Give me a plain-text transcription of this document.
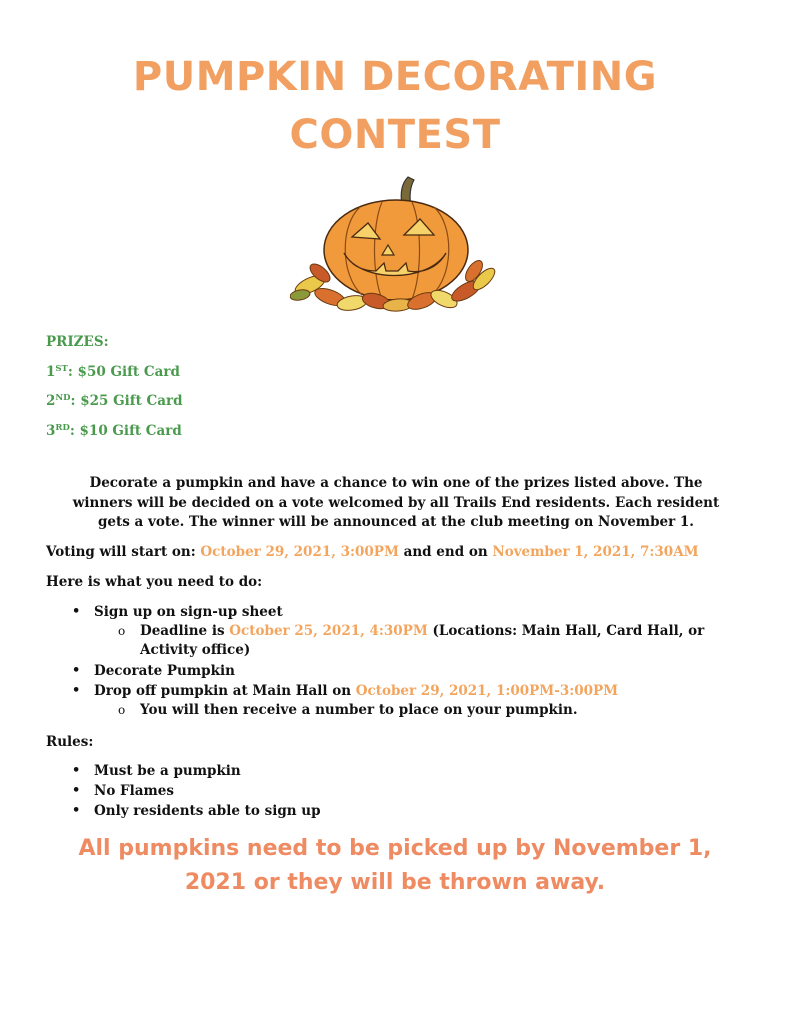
PUMPKIN DECORATING
CONTEST
PRIZES:
1ST: $50 Gift Card
2ND: $25 Gift Card
3RD: $10 Gift Card
Decorate a pumpkin and have a chance to win one of the prizes listed above. The
winners will be decided on a vote welcomed by all Trails End residents. Each resident
gets a vote. The winner will be announced at the club meeting on November 1.
Voting will start on: October 29, 2021, 3:00PM and end on November 1, 2021, 7:30AM
Here is what you need to do:
• Sign up on sign-up sheet
o Deadline is October 25, 2021, 4:30PM (Locations: Main Hall, Card Hall, or
Activity office)
• Decorate Pumpkin
• Drop off pumpkin at Main Hall on October 29, 2021, 1:00PM-3:00PM
o You will then receive a number to place on your pumpkin.
Rules:
• Must be a pumpkin
• No Flames
• Only residents able to sign up
All pumpkins need to be picked up by November 1,
2021 or they will be thrown away.
